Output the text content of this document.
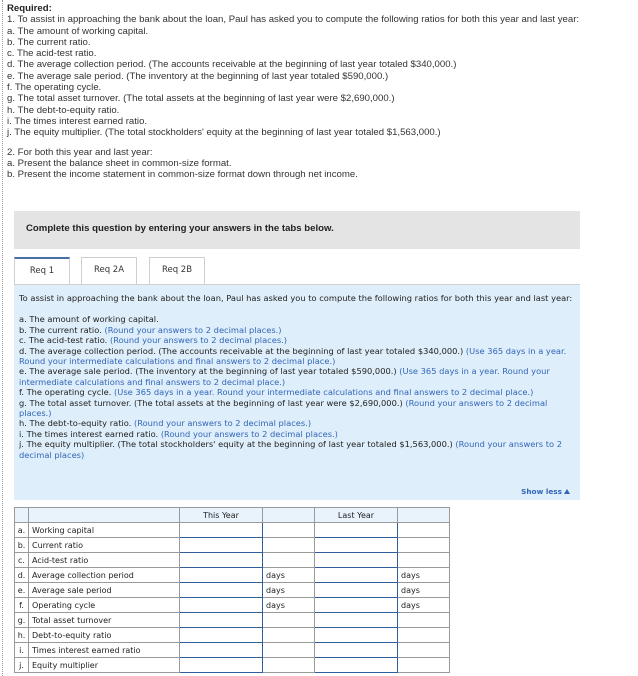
Required:
1. To assist in approaching the bank about the loan, Paul has asked you to compute the following ratios for both this year and last year:
a. The amount of working capital.
b. The current ratio.
c. The acid-test ratio.
d. The average collection period. (The accounts receivable at the beginning of last year totaled $340,000.)
e. The average sale period. (The inventory at the beginning of last year totaled $590,000.)
f. The operating cycle.
g. The total asset turnover. (The total assets at the beginning of last year were $2,690,000.)
h. The debt-to-equity ratio.
i. The times interest earned ratio.
j. The equity multiplier. (The total stockholders' equity at the beginning of last year totaled $1,563,000.)
2. For both this year and last year:
a. Present the balance sheet in common-size format.
b. Present the income statement in common-size format down through net income.
Complete this question by entering your answers in the tabs below.
Req 1	Req 2A	Req 2B
To assist in approaching the bank about the loan, Paul has asked you to compute the following ratios for both this year and last year:
a. The amount of working capital.
b. The current ratio. (Round your answers to 2 decimal places.)
c. The acid-test ratio. (Round your answers to 2 decimal places.)
d. The average collection period. (The accounts receivable at the beginning of last year totaled $340,000.) (Use 365 days in a year. Round your intermediate calculations and final answers to 2 decimal place.)
e. The average sale period. (The inventory at the beginning of last year totaled $590,000.) (Use 365 days in a year. Round your intermediate calculations and final answers to 2 decimal place.)
f. The operating cycle. (Use 365 days in a year. Round your intermediate calculations and final answers to 2 decimal place.)
g. The total asset turnover. (The total assets at the beginning of last year were $2,690,000.) (Round your answers to 2 decimal places.)
h. The debt-to-equity ratio. (Round your answers to 2 decimal places.)
i. The times interest earned ratio. (Round your answers to 2 decimal places.)
j. The equity multiplier. (The total stockholders' equity at the beginning of last year totaled $1,563,000.) (Round your answers to 2 decimal places)
Show less
		This Year		Last Year	
a.	Working capital				
b.	Current ratio				
c.	Acid-test ratio				
d.	Average collection period		days		days
e.	Average sale period		days		days
f.	Operating cycle		days		days
g.	Total asset turnover				
h.	Debt-to-equity ratio				
i.	Times interest earned ratio				
j.	Equity multiplier				
